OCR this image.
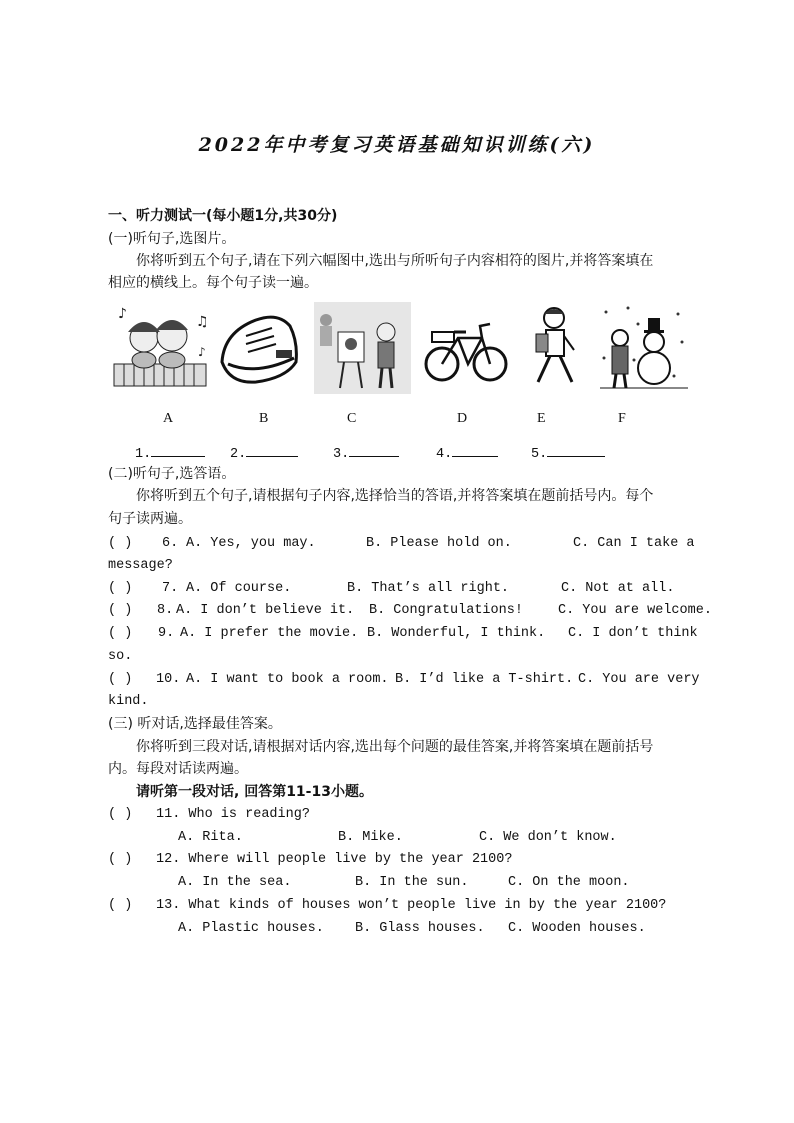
2022年中考复习英语基础知识训练(六)
一、听力测试一(每小题1分,共30分)
(一)听句子,选图片。
你将听到五个句子,请在下列六幅图中,选出与所听句子内容相符的图片,并将答案填在
相应的横线上。每个句子读一遍。
♪	♫
♪
A	B	C	D	E	F
1.	2.	3.	4.	5.
(二)听句子,选答语。
你将听到五个句子,请根据句子内容,选择恰当的答语,并将答案填在题前括号内。每个
句子读两遍。
( ) 6. A. Yes, you may.	B. Please hold on.	C. Can I take a
message?
( ) 7. A. Of course.	B. That’s all right.	C. Not at all.
( ) 8. A. I don’t believe it. B. Congratulations!	C. You are welcome.
( ) 9. A. I prefer the movie. B. Wonderful, I think. C. I don’t think
so.
( ) 10. A. I want to book a room. B. I’d like a T-shirt. C. You are very
kind.
(三) 听对话,选择最佳答案。
你将听到三段对话,请根据对话内容,选出每个问题的最佳答案,并将答案填在题前括号
内。每段对话读两遍。
请听第一段对话, 回答第11-13小题。
( ) 11. Who is reading?
A. Rita.	B. Mike.	C. We don’t know.
( ) 12. Where will people live by the year 2100?
A. In the sea.	B. In the sun.	C. On the moon.
( ) 13. What kinds of houses won’t people live in by the year 2100?
A. Plastic houses. B. Glass houses. C. Wooden houses.
